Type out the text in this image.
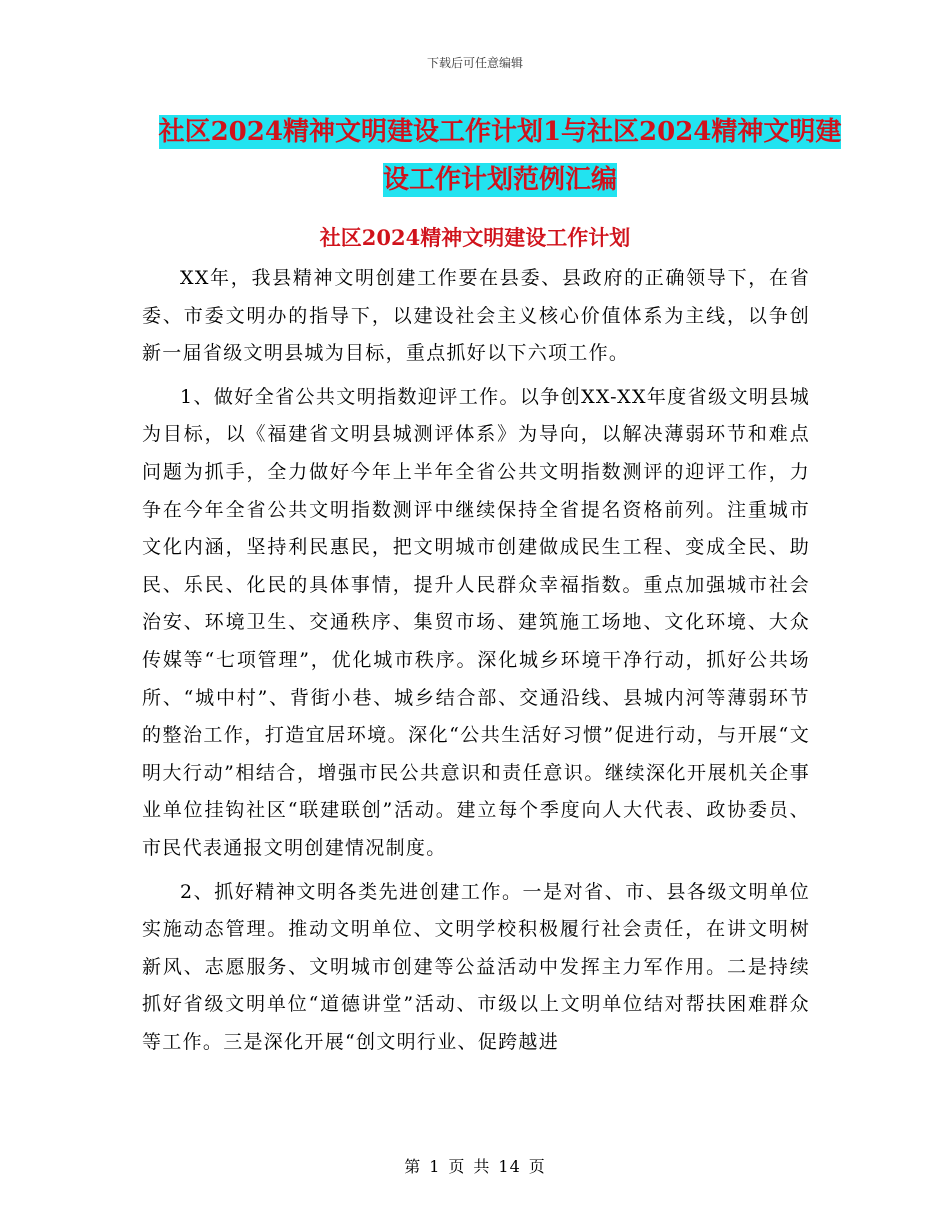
下载后可任意编辑
社区2024精神文明建设工作计划1与社区2024精神文明建设工作计划范例汇编
社区2024精神文明建设工作计划

XX年，我县精神文明创建工作要在县委、县政府的正确领导下，在省委、市委文明办的指导下，以建设社会主义核心价值体系为主线，以争创新一届省级文明县城为目标，重点抓好以下六项工作。

1、做好全省公共文明指数迎评工作。以争创XX-XX年度省级文明县城为目标，以《福建省文明县城测评体系》为导向，以解决薄弱环节和难点问题为抓手，全力做好今年上半年全省公共文明指数测评的迎评工作，力争在今年全省公共文明指数测评中继续保持全省提名资格前列。注重城市文化内涵，坚持利民惠民，把文明城市创建做成民生工程、变成全民、助民、乐民、化民的具体事情，提升人民群众幸福指数。重点加强城市社会治安、环境卫生、交通秩序、集贸市场、建筑施工场地、文化环境、大众传媒等“七项管理”，优化城市秩序。深化城乡环境干净行动，抓好公共场所、“城中村”、背街小巷、城乡结合部、交通沿线、县城内河等薄弱环节的整治工作，打造宜居环境。深化“公共生活好习惯”促进行动，与开展“文明大行动”相结合，增强市民公共意识和责任意识。继续深化开展机关企事业单位挂钩社区“联建联创”活动。建立每个季度向人大代表、政协委员、市民代表通报文明创建情况制度。

2、抓好精神文明各类先进创建工作。一是对省、市、县各级文明单位实施动态管理。推动文明单位、文明学校积极履行社会责任，在讲文明树新风、志愿服务、文明城市创建等公益活动中发挥主力军作用。二是持续抓好省级文明单位“道德讲堂”活动、市级以上文明单位结对帮扶困难群众等工作。三是深化开展“创文明行业、促跨越进

第 1 页 共 14 页
